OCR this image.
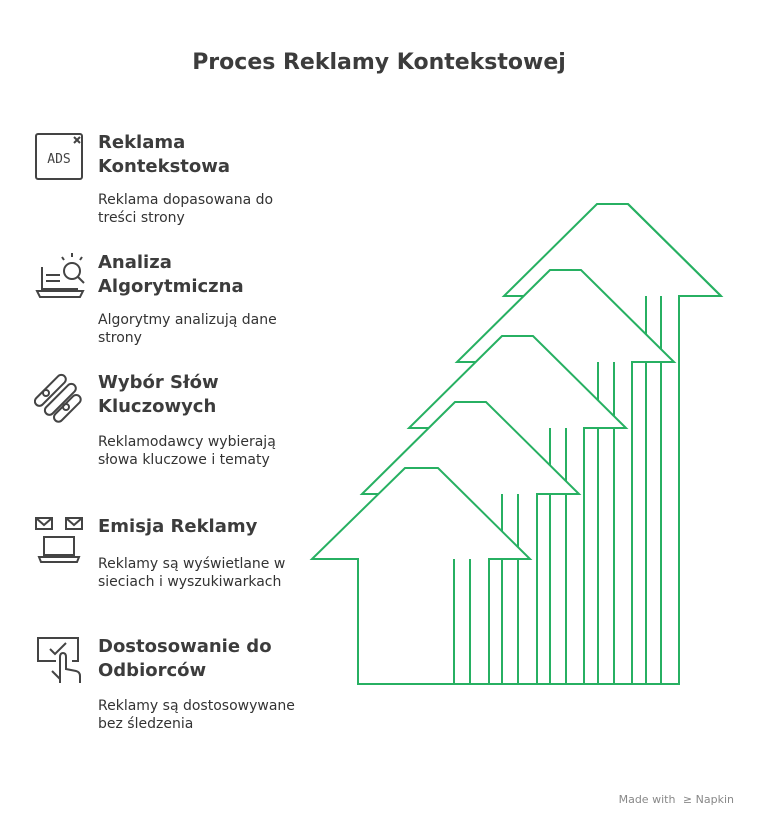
Proces Reklamy Kontekstowej
ADS
Reklama Kontekstowa
Reklama dopasowana do treści strony
Analiza Algorytmiczna
Algorytmy analizują dane strony
Wybór Słów Kluczowych
Reklamodawcy wybierają słowa kluczowe i tematy
Emisja Reklamy
Reklamy są wyświetlane w sieciach i wyszukiwarkach
Dostosowanie do Odbiorców
Reklamy są dostosowywane bez śledzenia
Made with ≥ Napkin
